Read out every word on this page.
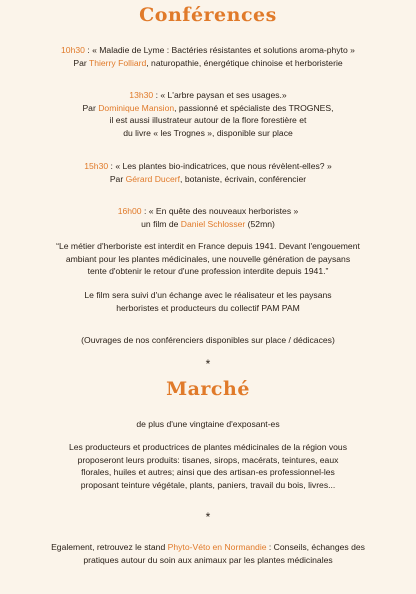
Conférences
10h30 : « Maladie de Lyme : Bactéries résistantes et solutions aroma-phyto »
Par Thierry Folliard, naturopathie, énergétique chinoise et herboristerie
13h30 : « L'arbre paysan et ses usages.»
Par Dominique Mansion, passionné et spécialiste des TROGNES,
il est aussi illustrateur autour de la flore forestière et
du livre « les Trognes », disponible sur place
15h30 : « Les plantes bio-indicatrices, que nous révèlent-elles? »
Par Gérard Ducerf, botaniste, écrivain, conférencier
16h00 : « En quête des nouveaux herboristes »
un film de Daniel Schlosser (52mn)
“Le métier d'herboriste est interdit en France depuis 1941. Devant l'engouement
ambiant pour les plantes médicinales, une nouvelle génération de paysans
tente d'obtenir le retour d'une profession interdite depuis 1941.”
Le film sera suivi d'un échange avec le réalisateur et les paysans
herboristes et producteurs du collectif PAM PAM
(Ouvrages de nos conférenciers disponibles sur place / dédicaces)
*
Marché
de plus d'une vingtaine d'exposant-es
Les producteurs et productrices de plantes médicinales de la région vous
proposeront leurs produits: tisanes, sirops, macérats, teintures, eaux
florales, huiles et autres; ainsi que des artisan-es professionnel-les
proposant teinture végétale, plants, paniers, travail du bois, livres...
*
Egalement, retrouvez le stand Phyto-Véto en Normandie : Conseils, échanges des
pratiques autour du soin aux animaux par les plantes médicinales
